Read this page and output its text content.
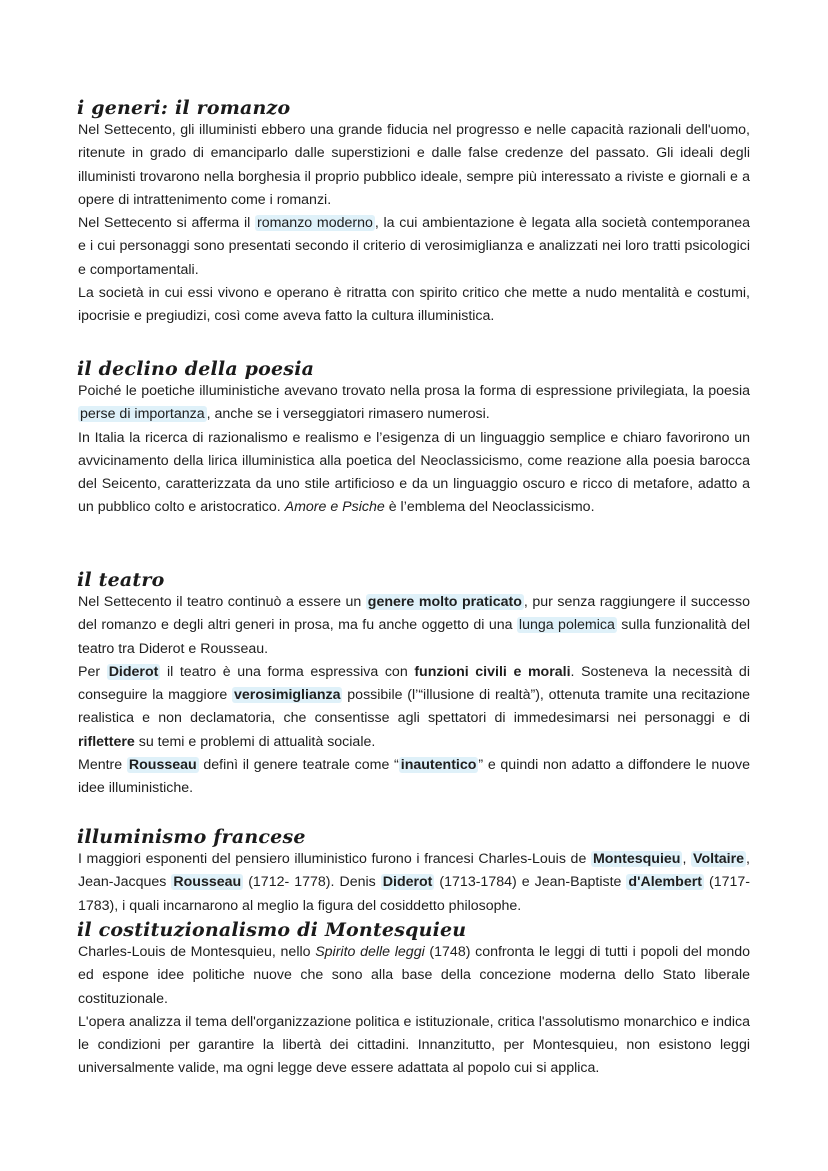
i generi: il romanzo

Nel Settecento, gli illuministi ebbero una grande fiducia nel progresso e nelle capacità razionali dell'uomo, ritenute in grado di emanciparlo dalle superstizioni e dalle false credenze del passato. Gli ideali degli illuministi trovarono nella borghesia il proprio pubblico ideale, sempre più interessato a riviste e giornali e a opere di intrattenimento come i romanzi.

Nel Settecento si afferma il romanzo moderno , la cui ambientazione è legata alla società contemporanea e i cui personaggi sono presentati secondo il criterio di verosimiglianza e analizzati nei loro tratti psicologici e comportamentali.

La società in cui essi vivono e operano è ritratta con spirito critico che mette a nudo mentalità e costumi, ipocrisie e pregiudizi, così come aveva fatto la cultura illuministica.

il declino della poesia

Poiché le poetiche illuministiche avevano trovato nella prosa la forma di espressione privilegiata, la poesia perse di importanza , anche se i verseggiatori rimasero numerosi.

In Italia la ricerca di razionalismo e realismo e l’esigenza di un linguaggio semplice e chiaro favorirono un avvicinamento della lirica illuministica alla poetica del Neoclassicismo, come reazione alla poesia barocca del Seicento, caratterizzata da uno stile artificioso e da un linguaggio oscuro e ricco di metafore, adatto a un pubblico colto e aristocratico. Amore e Psiche è l’emblema del Neoclassicismo.

il teatro

Nel Settecento il teatro continuò a essere un genere molto praticato , pur senza raggiungere il successo del romanzo e degli altri generi in prosa, ma fu anche oggetto di una lunga polemica sulla funzionalità del teatro tra Diderot e Rousseau.

Per Diderot il teatro è una forma espressiva con funzioni civili e morali. Sosteneva la necessità di conseguire la maggiore verosimiglianza possibile (l’“illusione di realtà”), ottenuta tramite una recitazione realistica e non declamatoria, che consentisse agli spettatori di immedesimarsi nei personaggi e di riflettere su temi e problemi di attualità sociale.

Mentre Rousseau definì il genere teatrale come “ inautentico ” e quindi non adatto a diffondere le nuove idee illuministiche.

illuminismo francese

I maggiori esponenti del pensiero illuministico furono i francesi Charles-Louis de Montesquieu , Voltaire , Jean-Jacques Rousseau (1712- 1778). Denis Diderot (1713-1784) e Jean-Baptiste d'Alembert (1717- 1783), i quali incarnarono al meglio la figura del cosiddetto philosophe.

il costituzionalismo di Montesquieu

Charles-Louis de Montesquieu, nello Spirito delle leggi (1748) confronta le leggi di tutti i popoli del mondo ed espone idee politiche nuove che sono alla base della concezione moderna dello Stato liberale costituzionale.

L'opera analizza il tema dell'organizzazione politica e istituzionale, critica l'assolutismo monarchico e indica le condizioni per garantire la libertà dei cittadini. Innanzitutto, per Montesquieu, non esistono leggi universalmente valide, ma ogni legge deve essere adattata al popolo cui si applica.
